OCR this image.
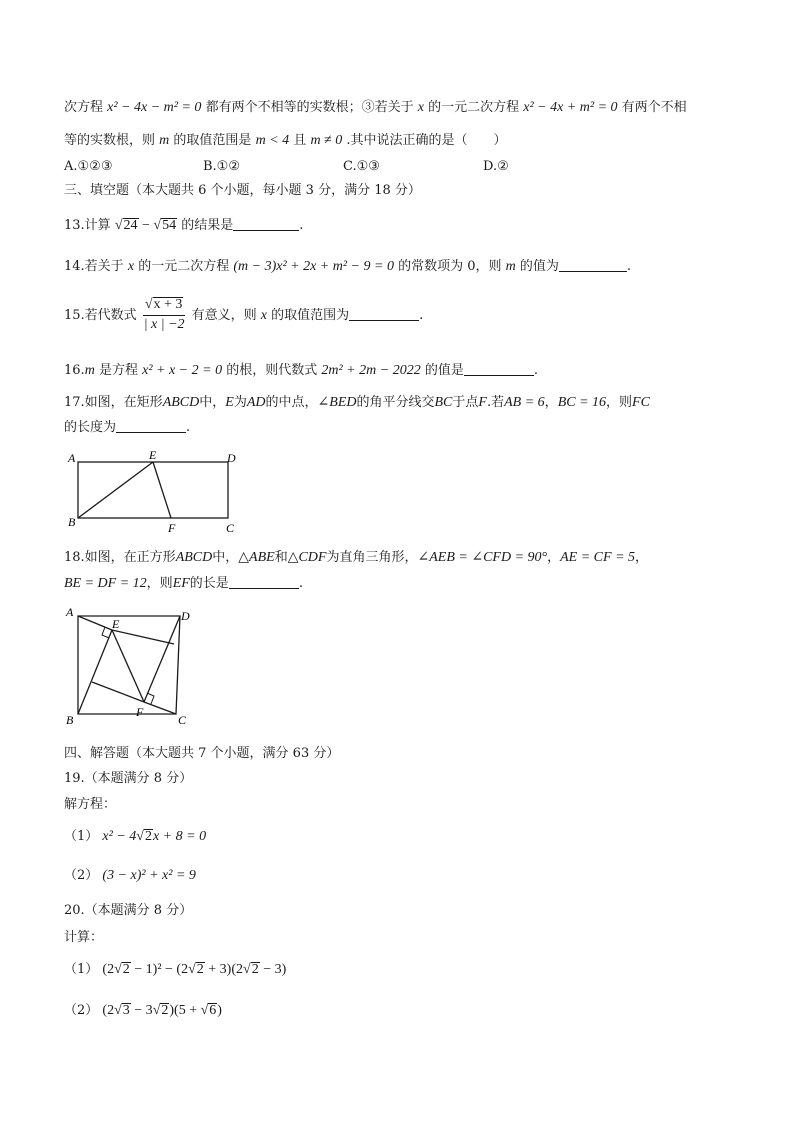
次方程 x² − 4x − m² = 0 都有两个不相等的实数根；③若关于 x 的一元二次方程 x² − 4x + m² = 0 有两个不相
等的实数根，则 m 的取值范围是 m < 4 且 m ≠ 0 .其中说法正确的是（　　）
A.①②③	B.①②	C.①③	D.②
三、填空题（本大题共 6 个小题，每小题 3 分，满分 18 分）
13.计算 √24 − √54 的结果是	.
14.若关于 x 的一元二次方程 (m − 3)x² + 2x + m² − 9 = 0 的常数项为 0，则 m 的值为	.
15.若代数式 $\frac{√x + 3}{| x | -2}$ 有意义，则 x 的取值范围为	.
16.m 是方程 x² + x − 2 = 0 的根，则代数式 2m² + 2m − 2022 的值是	.
17.如图，在矩形ABCD中，E为AD的中点，∠BED的角平分线交BC于点F.若AB = 6，BC = 16，则FC
的长度为	.
A
B	C
D
E
F
18.如图，在正方形ABCD中，△ABE和△CDF为直角三角形，∠AEB = ∠CFD = 90°，AE = CF = 5，
BE = DF = 12，则EF的长是	.
A
B	C
D
E
F
四、解答题（本大题共 7 个小题，满分 63 分）
19.（本题满分 8 分）
解方程：
（1） x² − 4√2x + 8 = 0
（2） (3 − x)² + x² = 9
20.（本题满分 8 分）
计算：
（1） (2√2 − 1)² − (2√2 + 3)(2√2 − 3)
（2） (2√3 − 3√2)(5 + √6)
